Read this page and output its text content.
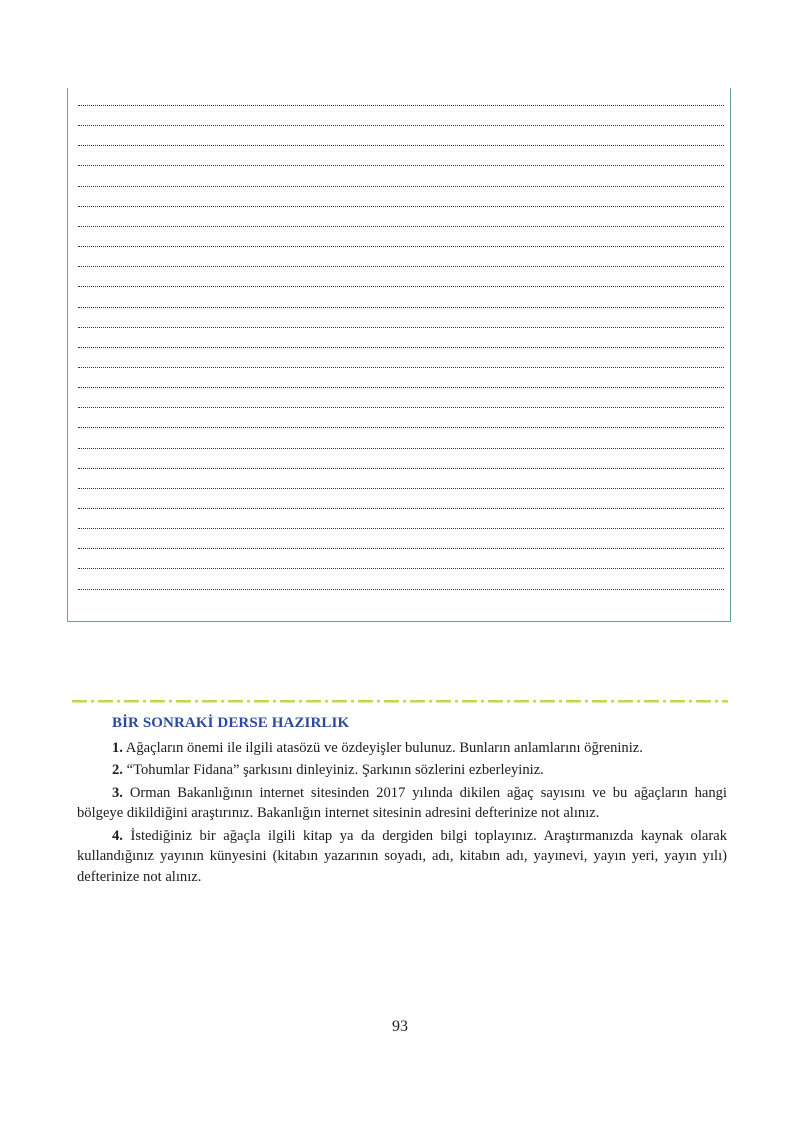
BİR SONRAKİ DERSE HAZIRLIK

1. Ağaçların önemi ile ilgili atasözü ve özdeyişler bulunuz. Bunların anlamlarını öğreniniz.

2. “Tohumlar Fidana” şarkısını dinleyiniz. Şarkının sözlerini ezberleyiniz.

3. Orman Bakanlığının internet sitesinden 2017 yılında dikilen ağaç sayısını ve bu ağaçların hangi bölgeye dikildiğini araştırınız. Bakanlığın internet sitesinin adresini defterinize not alınız.

4. İstediğiniz bir ağaçla ilgili kitap ya da dergiden bilgi toplayınız. Araştırmanızda kaynak olarak kullandığınız yayının künyesini (kitabın yazarının soyadı, adı, kitabın adı, yayınevi, yayın yeri, yayın yılı) defterinize not alınız.

93
